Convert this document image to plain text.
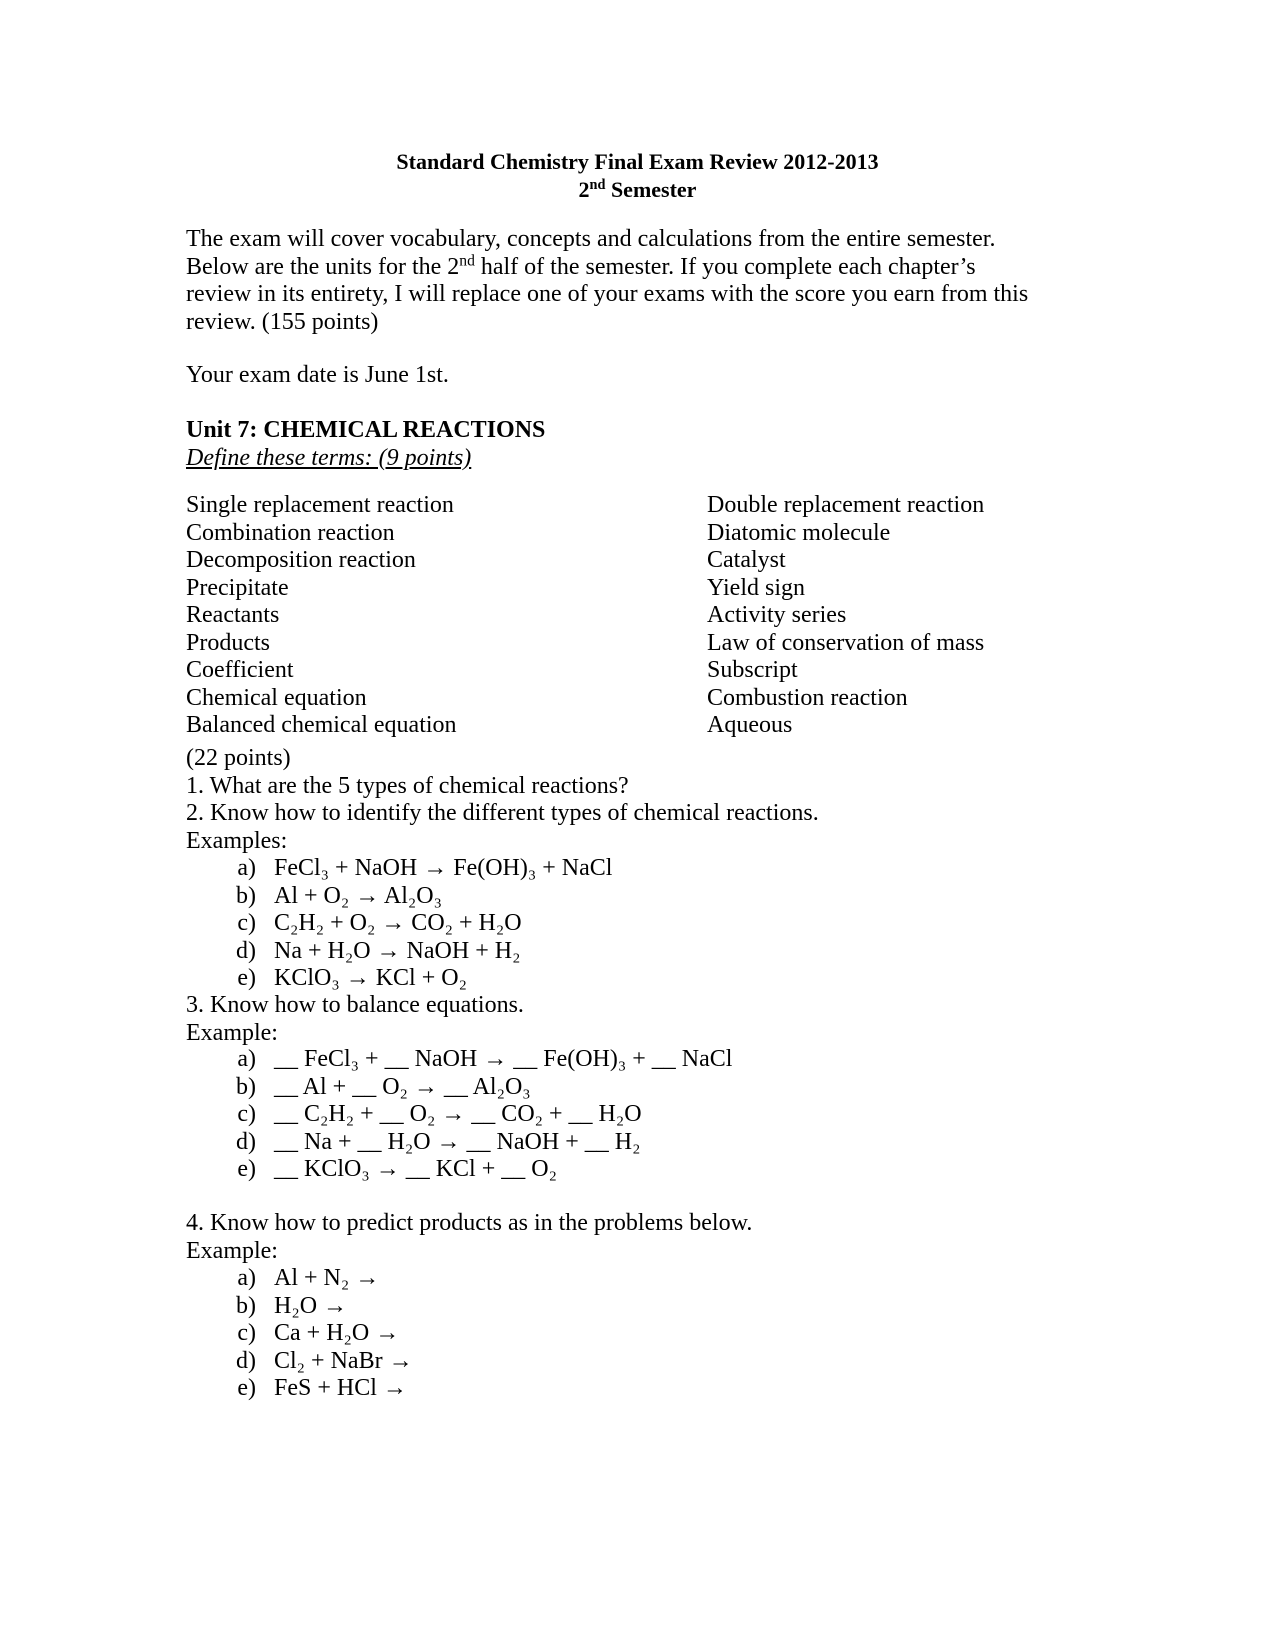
Standard Chemistry Final Exam Review 2012-2013
2nd Semester
The exam will cover vocabulary, concepts and calculations from the entire semester.
Below are the units for the 2nd half of the semester. If you complete each chapter’s
review in its entirety, I will replace one of your exams with the score you earn from this
review. (155 points)
Your exam date is June 1st.
Unit 7: CHEMICAL REACTIONS
Define these terms: (9 points)
Single replacement reaction
Combination reaction
Decomposition reaction
Precipitate
Reactants
Products
Coefficient
Chemical equation
Balanced chemical equation
Double replacement reaction
Diatomic molecule
Catalyst
Yield sign
Activity series
Law of conservation of mass
Subscript
Combustion reaction
Aqueous
(22 points)
1. What are the 5 types of chemical reactions?
2. Know how to identify the different types of chemical reactions.
Examples:
a) FeCl₃ + NaOH → Fe(OH)₃ + NaCl
b) Al + O₂ → Al₂O₃
c) C₂H₂ + O₂ → CO₂ + H₂O
d) Na + H₂O → NaOH + H₂
e) KClO₃ → KCl + O₂
3. Know how to balance equations.
Example:
a) __ FeCl₃ + __ NaOH → __ Fe(OH)₃ + __ NaCl
b) __ Al + __ O₂ → __ Al₂O₃
c) __ C₂H₂ + __ O₂ → __ CO₂ + __ H₂O
d) __ Na + __ H₂O → __ NaOH + __ H₂
e) __ KClO₃ → __ KCl + __ O₂
4. Know how to predict products as in the problems below.
Example:
a) Al + N₂ →
b) H₂O →
c) Ca + H₂O →
d) Cl₂ + NaBr →
e) FeS + HCl →
